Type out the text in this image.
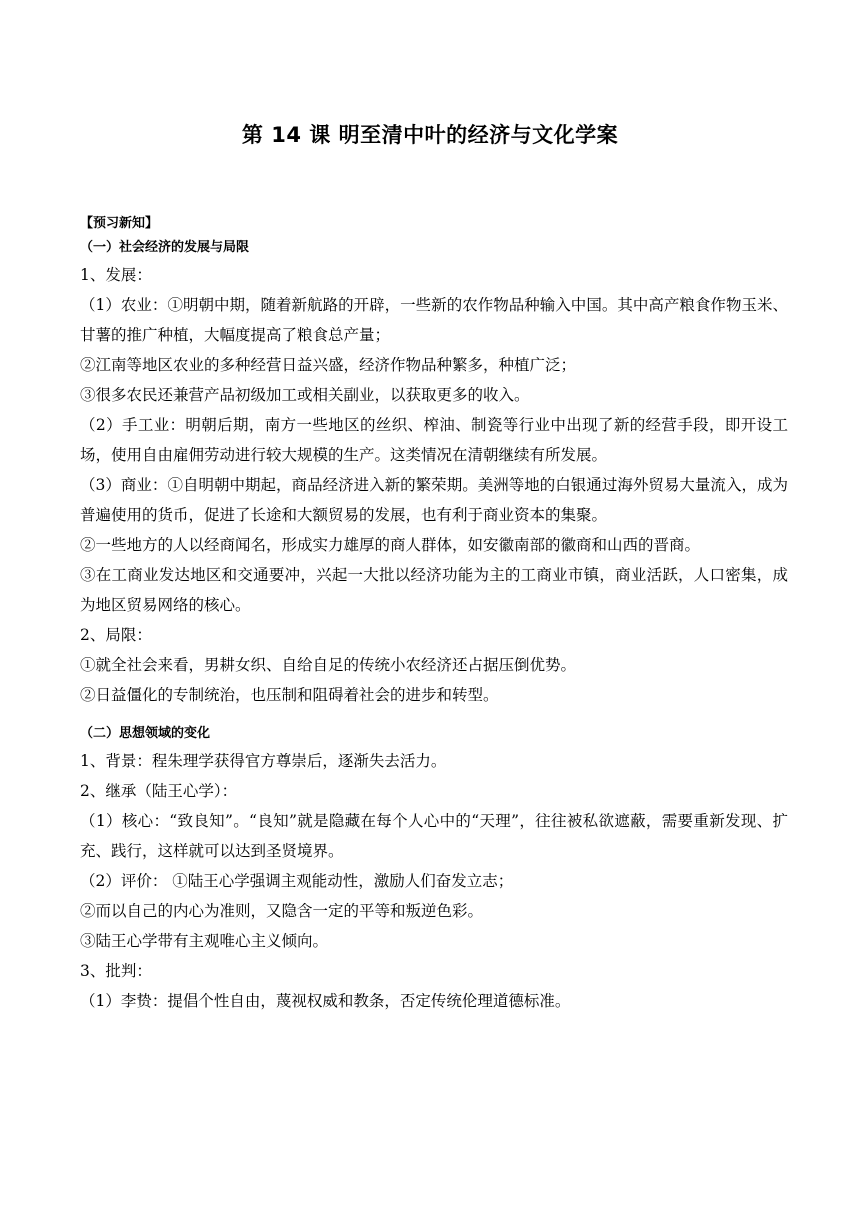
第 14 课 明至清中叶的经济与文化学案
【预习新知】
（一）社会经济的发展与局限
1、发展：
（1）农业：①明朝中期，随着新航路的开辟，一些新的农作物品种输入中国。其中高产粮食作物玉米、甘薯的推广种植，大幅度提高了粮食总产量；
②江南等地区农业的多种经营日益兴盛，经济作物品种繁多，种植广泛；
③很多农民还兼营产品初级加工或相关副业，以获取更多的收入。
（2）手工业：明朝后期，南方一些地区的丝织、榨油、制瓷等行业中出现了新的经营手段，即开设工场，使用自由雇佣劳动进行较大规模的生产。这类情况在清朝继续有所发展。
（3）商业：①自明朝中期起，商品经济进入新的繁荣期。美洲等地的白银通过海外贸易大量流入，成为普遍使用的货币，促进了长途和大额贸易的发展，也有利于商业资本的集聚。
②一些地方的人以经商闻名，形成实力雄厚的商人群体，如安徽南部的徽商和山西的晋商。
③在工商业发达地区和交通要冲，兴起一大批以经济功能为主的工商业市镇，商业活跃，人口密集，成为地区贸易网络的核心。
2、局限：
①就全社会来看，男耕女织、自给自足的传统小农经济还占据压倒优势。
②日益僵化的专制统治，也压制和阻碍着社会的进步和转型。
（二）思想领域的变化
1、背景：程朱理学获得官方尊崇后，逐渐失去活力。
2、继承（陆王心学）：
（1）核心：“致良知”。“良知”就是隐藏在每个人心中的“天理”，往往被私欲遮蔽，需要重新发现、扩充、践行，这样就可以达到圣贤境界。
（2）评价： ①陆王心学强调主观能动性，激励人们奋发立志；
②而以自己的内心为准则，又隐含一定的平等和叛逆色彩。
③陆王心学带有主观唯心主义倾向。
3、批判：
（1）李贽：提倡个性自由，蔑视权威和教条，否定传统伦理道德标准。
